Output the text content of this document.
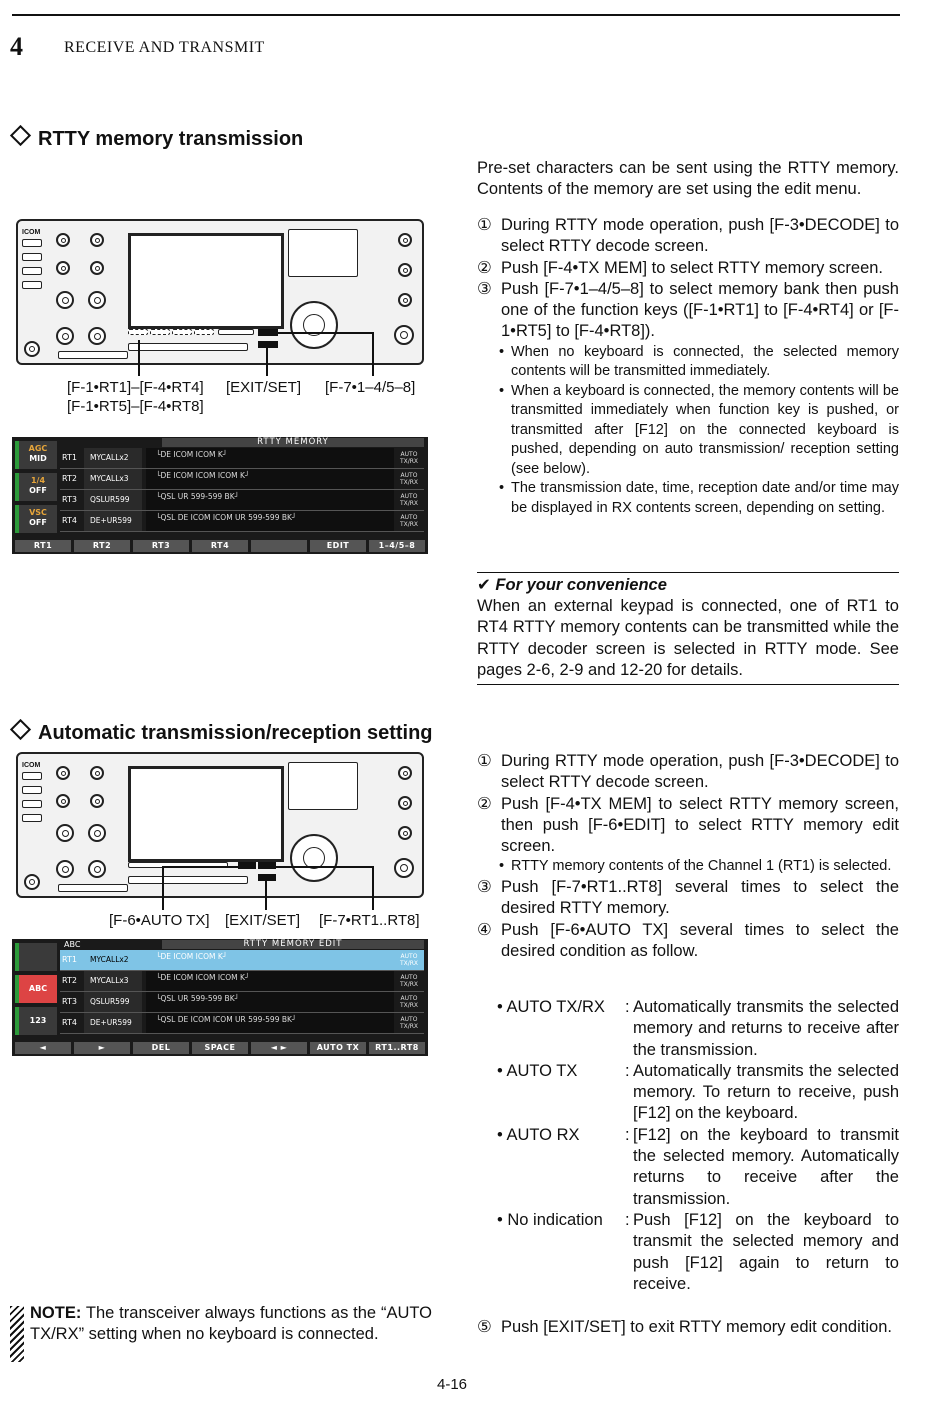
4	RECEIVE AND TRANSMIT
RTTY memory transmission
Pre-set characters can be sent using the RTTY memory. Contents of the memory are set using the edit menu.
① During RTTY mode operation, push [F-3•DECODE] to select RTTY decode screen.
② Push [F-4•TX MEM] to select RTTY memory screen.
③ Push [F-7•1–4/5–8] to select memory bank then push one of the function keys ([F-1•RT1] to [F-4•RT4] or [F-1•RT5] to [F-4•RT8]).
• When no keyboard is connected, the selected memory contents will be transmitted immediately.
• When a keyboard is connected, the memory contents will be transmitted immediately when function key is pushed, or transmitted after [F12] on the connected keyboard is pushed, depending on auto transmission/ reception setting (see below).
• The transmission date, time, reception date and/or time may be displayed in RX contents screen, depending on setting.
✔ For your convenience
When an external keypad is connected, one of RT1 to RT4 RTTY memory contents can be transmitted while the RTTY decoder screen is selected in RTTY mode. See pages 2-6, 2-9 and 12-20 for details.
ICOM
[F-1•RT1]–[F-4•RT4]
[F-1•RT5]–[F-4•RT8]
[EXIT/SET] [F-7•1–4/5–8]
RTTY MEMORY
AGC
MID
1/4
OFF
VSC
OFF
RT1	MYCALLx2	└DE ICOM ICOM K┘	AUTO
TX/RX
RT2	MYCALLx3	└DE ICOM ICOM ICOM K┘	AUTO
TX/RX
RT3	QSLUR599	└QSL UR 599-599 BK┘	AUTO
TX/RX
RT4	DE+UR599	└QSL DE ICOM ICOM UR 599-599 BK┘	AUTO
TX/RX
RT1	RT2	RT3	RT4	EDIT	1–4/5–8
Automatic transmission/reception setting
① During RTTY mode operation, push [F-3•DECODE] to select RTTY decode screen.
② Push [F-4•TX MEM] to select RTTY memory screen, then push [F-6•EDIT] to select RTTY memory edit screen.
• RTTY memory contents of the Channel 1 (RT1) is selected.
③ Push [F-7•RT1..RT8] several times to select the desired RTTY memory.
④ Push [F-6•AUTO TX] several times to select the desired condition as follow.
• AUTO TX/RX	: Automatically transmits the selected memory and returns to receive after the transmission.
• AUTO TX	: Automatically transmits the selected memory. To return to receive, push [F12] on the keyboard.
• AUTO RX	: [F12] on the keyboard to transmit the selected memory. Automatically returns to receive after the transmission.
• No indication	: Push [F12] on the keyboard to transmit the selected memory and push [F12] again to return to receive.
⑤ Push [EXIT/SET] to exit RTTY memory edit condition.
ICOM
[F-6•AUTO TX] [EXIT/SET] [F-7•RT1..RT8]
ABC	RTTY MEMORY EDIT
ABC
123
RT1	MYCALLx2	└DE ICOM ICOM K┘	AUTO
TX/RX
RT2	MYCALLx3	└DE ICOM ICOM ICOM K┘	AUTO
TX/RX
RT3	QSLUR599	└QSL UR 599-599 BK┘	AUTO
TX/RX
RT4	DE+UR599	└QSL DE ICOM ICOM UR 599-599 BK┘	AUTO
TX/RX
◄	►	DEL	SPACE	◄ ►	AUTO TX	RT1..RT8
NOTE: The transceiver always functions as the “AUTO TX/RX” setting when no keyboard is connected.
4-16
